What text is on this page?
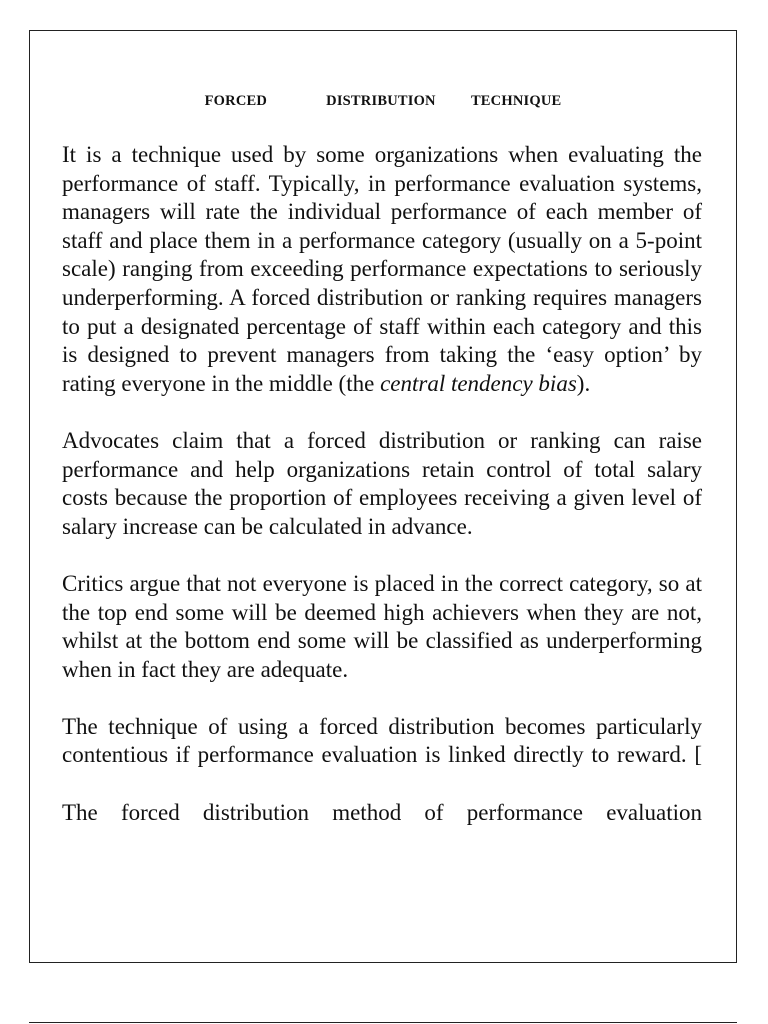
FORCED     DISTRIBUTION   TECHNIQUE

It is a technique used by some organizations when evaluating the performance of staff. Typically, in performance evaluation systems, managers will rate the individual performance of each member of staff and place them in a performance category (usually on a 5-point scale) ranging from exceeding performance expectations to seriously underperforming. A forced distribution or ranking requires managers to put a designated percentage of staff within each category and this is designed to prevent managers from taking the ‘easy option’ by rating everyone in the middle (the central tendency bias).

Advocates claim that a forced distribution or ranking can raise performance and help organizations retain control of total salary costs because the proportion of employees receiving a given level of salary increase can be calculated in advance.

Critics argue that not everyone is placed in the correct category, so at the top end some will be deemed high achievers when they are not, whilst at the bottom end some will be classified as underperforming when in fact they are adequate.

The technique of using a forced distribution becomes particularly contentious if performance evaluation is linked directly to reward. [

The forced distribution method of performance evaluation
